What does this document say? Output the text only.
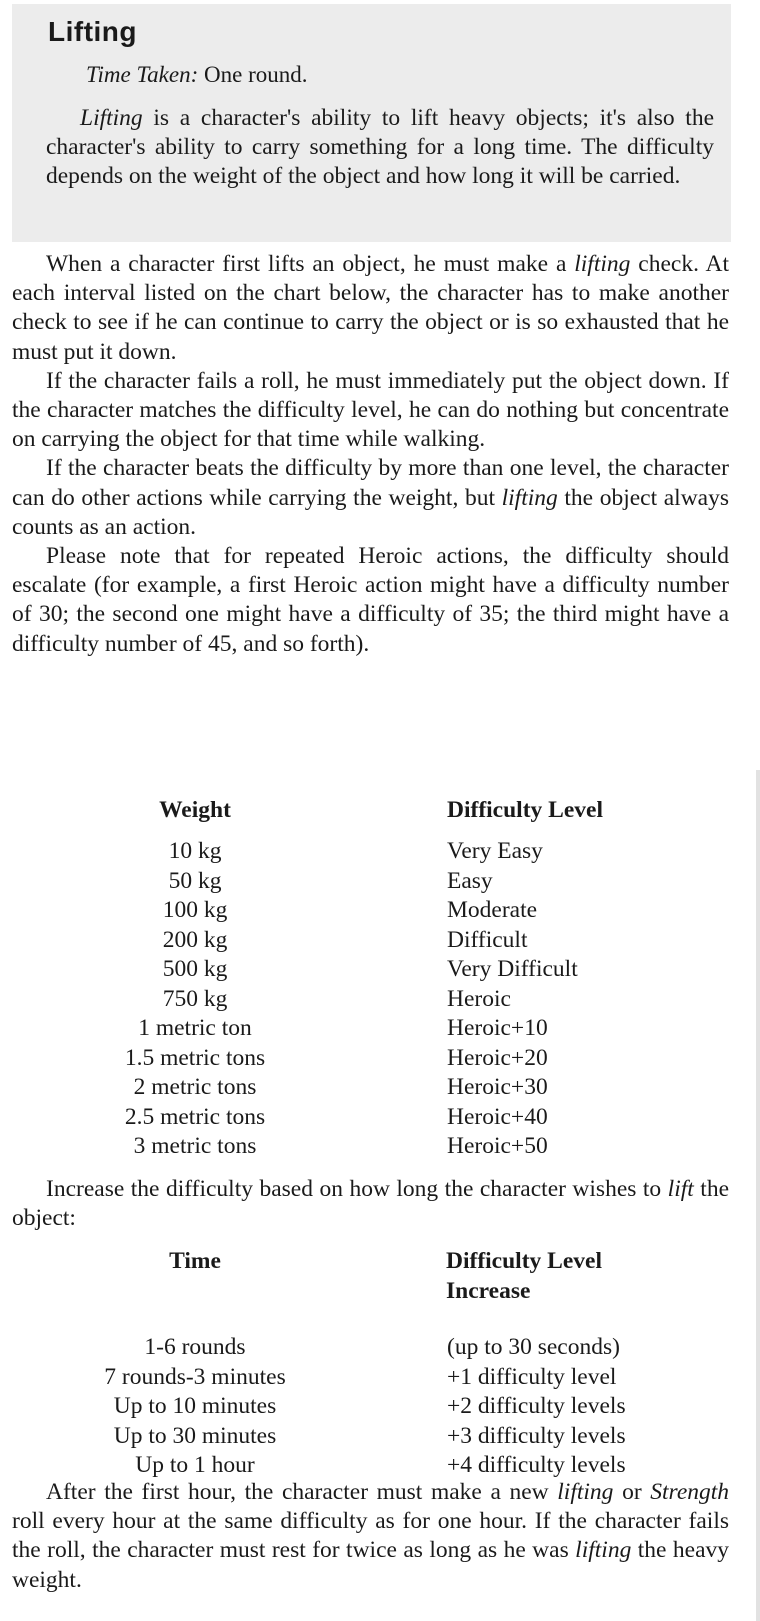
Lifting
Time Taken: One round.

Lifting is a character's ability to lift heavy objects; it's also the character's ability to carry something for a long time. The difficulty depends on the weight of the object and how long it will be carried.

When a character first lifts an object, he must make a lifting check. At each interval listed on the chart below, the character has to make another check to see if he can continue to carry the object or is so exhausted that he must put it down.

If the character fails a roll, he must immediately put the object down. If the character matches the difficulty level, he can do nothing but concentrate on carrying the object for that time while walking.

If the character beats the difficulty by more than one level, the character can do other actions while carrying the weight, but lifting the object always counts as an action.

Please note that for repeated Heroic actions, the difficulty should escalate (for example, a first Heroic action might have a difficulty number of 30; the second one might have a difficulty of 35; the third might have a difficulty number of 45, and so forth).

Weight	Difficulty Level
10 kg	Very Easy
50 kg	Easy
100 kg	Moderate
200 kg	Difficult
500 kg	Very Difficult
750 kg	Heroic
1 metric ton	Heroic+10
1.5 metric tons	Heroic+20
2 metric tons	Heroic+30
2.5 metric tons	Heroic+40
3 metric tons	Heroic+50

Increase the difficulty based on how long the character wishes to lift the object:

Time	Difficulty Level
Increase
1-6 rounds	(up to 30 seconds)
7 rounds-3 minutes	+1 difficulty level
Up to 10 minutes	+2 difficulty levels
Up to 30 minutes	+3 difficulty levels
Up to 1 hour	+4 difficulty levels

After the first hour, the character must make a new lifting or Strength roll every hour at the same difficulty as for one hour. If the character fails the roll, the character must rest for twice as long as he was lifting the heavy weight.
